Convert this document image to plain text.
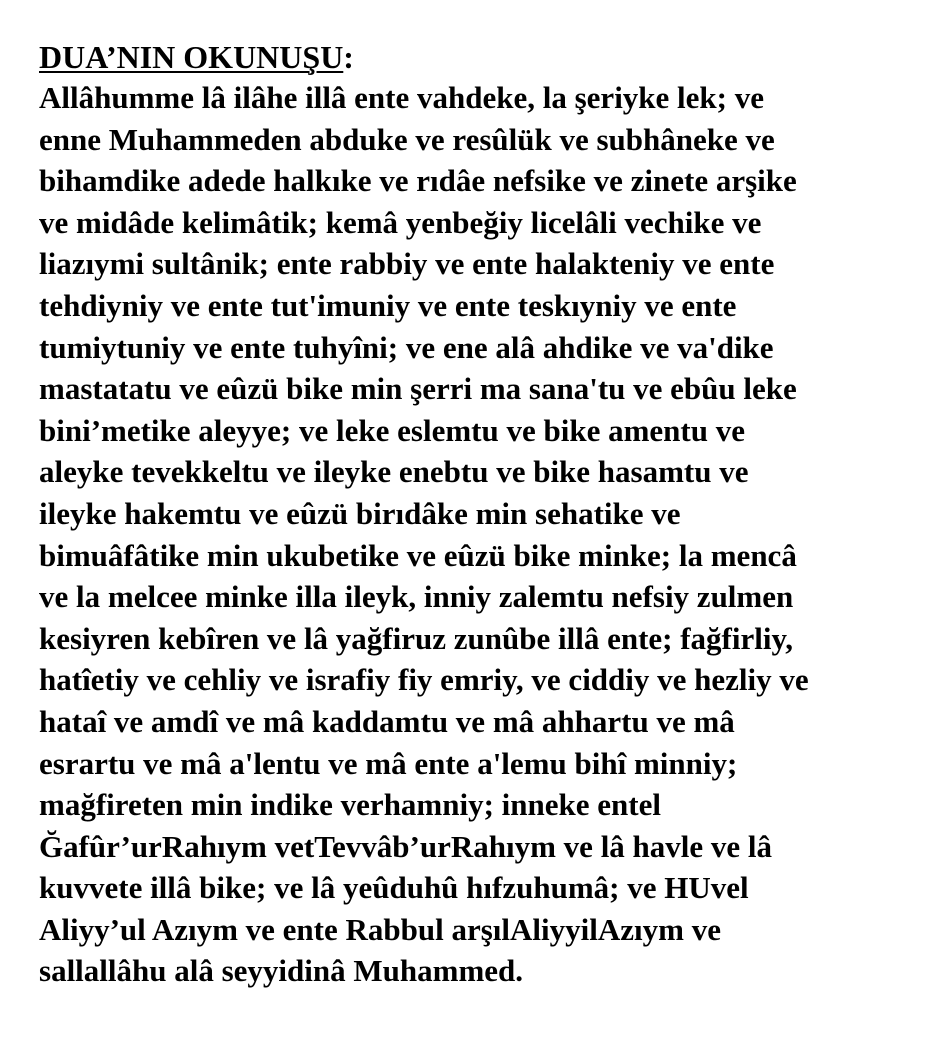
DUA’NIN OKUNUŞU:
Allâhumme lâ ilâhe illâ ente vahdeke, la şeriyke lek; ve
enne Muhammeden abduke ve resûlük ve subhâneke ve
bihamdike adede halkıke ve rıdâe nefsike ve zinete arşike
ve midâde kelimâtik; kemâ yenbeğiy licelâli vechike ve
liazıymi sultânik; ente rabbiy ve ente halakteniy ve ente
tehdiyniy ve ente tut'imuniy ve ente teskıyniy ve ente
tumiytuniy ve ente tuhyîni; ve ene alâ ahdike ve va'dike
mastatatu ve eûzü bike min şerri ma sana'tu ve ebûu leke
bini’metike aleyye; ve leke eslemtu ve bike amentu ve
aleyke tevekkeltu ve ileyke enebtu ve bike hasamtu ve
ileyke hakemtu ve eûzü birıdâke min sehatike ve
bimuâfâtike min ukubetike ve eûzü bike minke; la mencâ
ve la melcee minke illa ileyk, inniy zalemtu nefsiy zulmen
kesiyren kebîren ve lâ yağfiruz zunûbe illâ ente; fağfirliy,
hatîetiy ve cehliy ve israfiy fiy emriy, ve ciddiy ve hezliy ve
hataî ve amdî ve mâ kaddamtu ve mâ ahhartu ve mâ
esrartu ve mâ a'lentu ve mâ ente a'lemu bihî minniy;
mağfireten min indike verhamniy; inneke entel
Ğafûr’urRahıym vetTevvâb’urRahıym ve lâ havle ve lâ
kuvvete illâ bike; ve lâ yeûduhû hıfzuhumâ; ve HUvel
Aliyy’ul Azıym ve ente Rabbul arşılAliyyilAzıym ve
sallallâhu alâ seyyidinâ Muhammed.
